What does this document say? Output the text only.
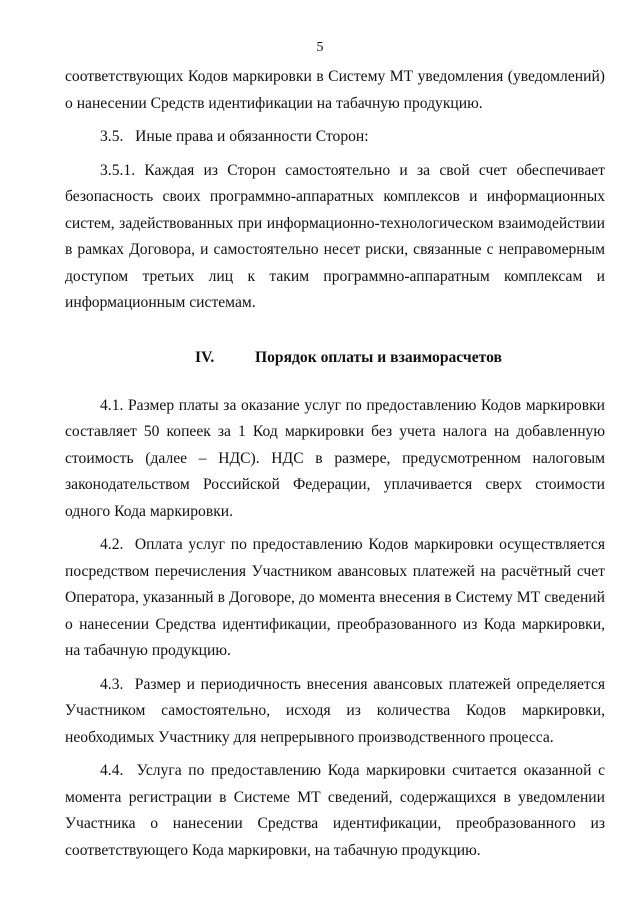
5

соответствующих Кодов маркировки в Систему МТ уведомления (уведомлений) о нанесении Средств идентификации на табачную продукцию.

3.5.   Иные права и обязанности Сторон:

3.5.1. Каждая из Сторон самостоятельно и за свой счет обеспечивает безопасность своих программно-аппаратных комплексов и информационных систем, задействованных при информационно-технологическом взаимодействии в рамках Договора, и самостоятельно несет риски, связанные с неправомерным доступом третьих лиц к таким программно-аппаратным комплексам и информационным системам.

IV.	Порядок оплаты и взаиморасчетов

4.1. Размер платы за оказание услуг по предоставлению Кодов маркировки составляет 50 копеек за 1 Код маркировки без учета налога на добавленную стоимость (далее – НДС). НДС в размере, предусмотренном налоговым законодательством Российской Федерации, уплачивается сверх стоимости одного Кода маркировки.

4.2.  Оплата услуг по предоставлению Кодов маркировки осуществляется посредством перечисления Участником авансовых платежей на расчётный счет Оператора, указанный в Договоре, до момента внесения в Систему МТ сведений о нанесении Средства идентификации, преобразованного из Кода маркировки, на табачную продукцию.

4.3.  Размер и периодичность внесения авансовых платежей определяется Участником самостоятельно, исходя из количества Кодов маркировки, необходимых Участнику для непрерывного производственного процесса.

4.4.  Услуга по предоставлению Кода маркировки считается оказанной с момента регистрации в Системе МТ сведений, содержащихся в уведомлении Участника о нанесении Средства идентификации, преобразованного из соответствующего Кода маркировки, на табачную продукцию.
